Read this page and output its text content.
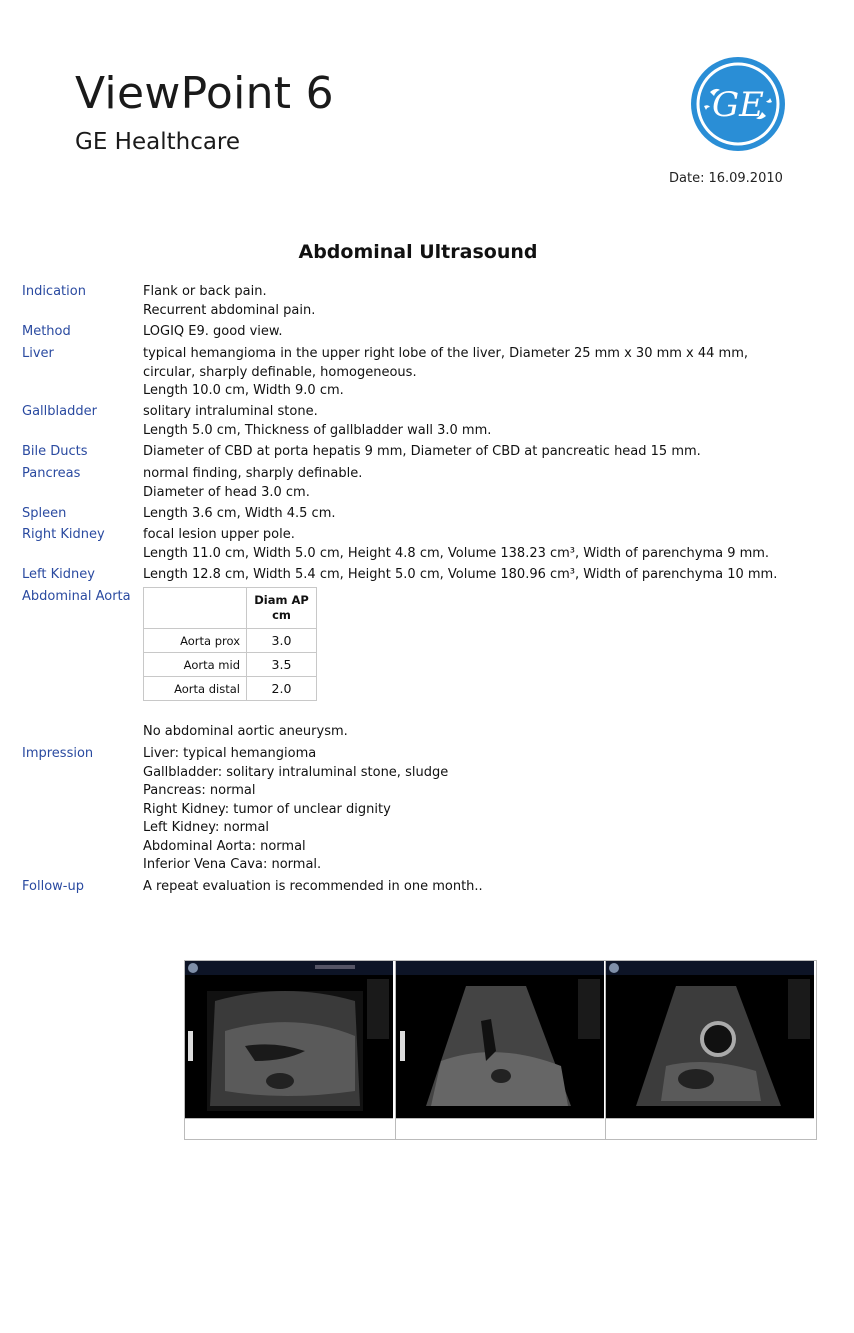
ViewPoint 6
GE Healthcare
GE
Date: 16.09.2010
Abdominal Ultrasound
Indication	Flank or back pain.
Recurrent abdominal pain.
Method	LOGIQ E9. good view.
Liver	typical hemangioma in the upper right lobe of the liver, Diameter 25 mm x 30 mm x 44 mm,
circular, sharply definable, homogeneous.
Length 10.0 cm, Width 9.0 cm.
Gallbladder	solitary intraluminal stone.
Length 5.0 cm, Thickness of gallbladder wall 3.0 mm.
Bile Ducts	Diameter of CBD at porta hepatis 9 mm, Diameter of CBD at pancreatic head 15 mm.
Pancreas	normal finding, sharply definable.
Diameter of head 3.0 cm.
Spleen	Length 3.6 cm, Width 4.5 cm.
Right Kidney	focal lesion upper pole.
Length 11.0 cm, Width 5.0 cm, Height 4.8 cm, Volume 138.23 cm³, Width of parenchyma 9 mm.
Left Kidney	Length 12.8 cm, Width 5.4 cm, Height 5.0 cm, Volume 180.96 cm³, Width of parenchyma 10 mm.
Abdominal Aorta

	Diam AP
cm

Aorta prox	3.0
Aorta mid	3.5
Aorta distal	2.0
No abdominal aortic aneurysm.
Impression	Liver: typical hemangioma
Gallbladder: solitary intraluminal stone, sludge
Pancreas: normal
Right Kidney: tumor of unclear dignity
Left Kidney: normal
Abdominal Aorta: normal
Inferior Vena Cava: normal.
Follow-up	A repeat evaluation is recommended in one month..
